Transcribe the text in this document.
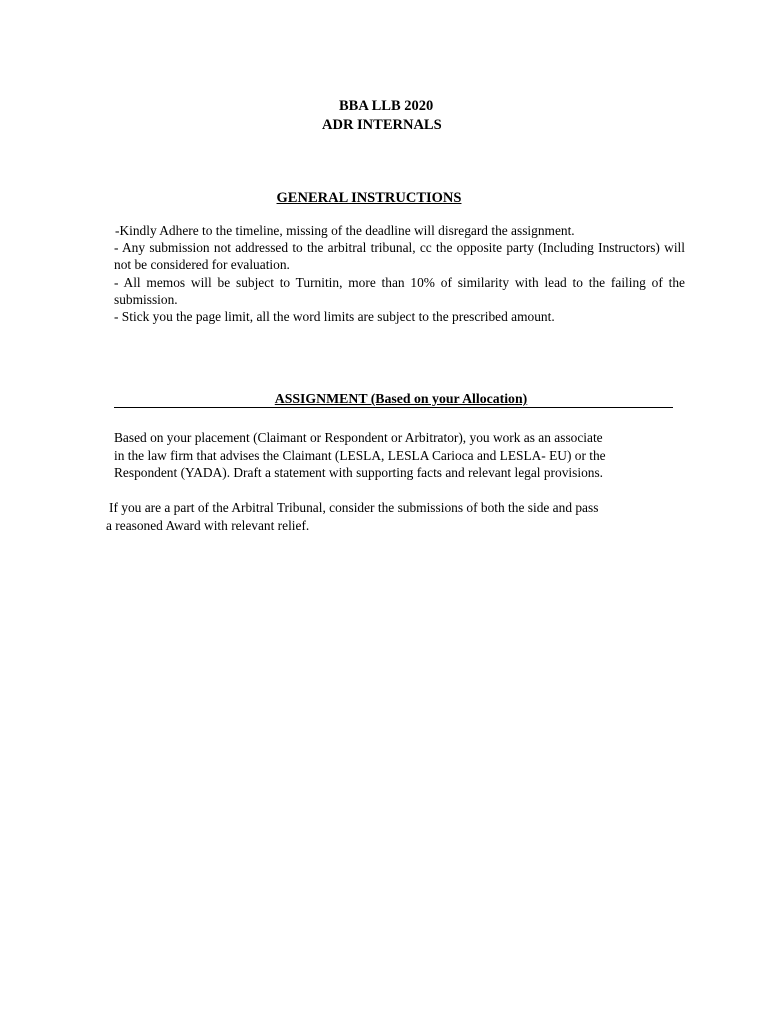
BBA LLB 2020
ADR INTERNALS
GENERAL INSTRUCTIONS

-Kindly Adhere to the timeline, missing of the deadline will disregard the assignment.

- Any submission not addressed to the arbitral tribunal, cc the opposite party (Including Instructors) will not be considered for evaluation.

- All memos will be subject to Turnitin, more than 10% of similarity with lead to the failing of the submission.

- Stick you the page limit, all the word limits are subject to the prescribed amount.

ASSIGNMENT (Based on your Allocation)

Based on your placement (Claimant or Respondent or Arbitrator), you work as an associate

in the law firm that advises the Claimant (LESLA, LESLA Carioca and LESLA- EU) or the

Respondent (YADA). Draft a statement with supporting facts and relevant legal provisions.

If you are a part of the Arbitral Tribunal, consider the submissions of both the side and pass

a reasoned Award with relevant relief.
